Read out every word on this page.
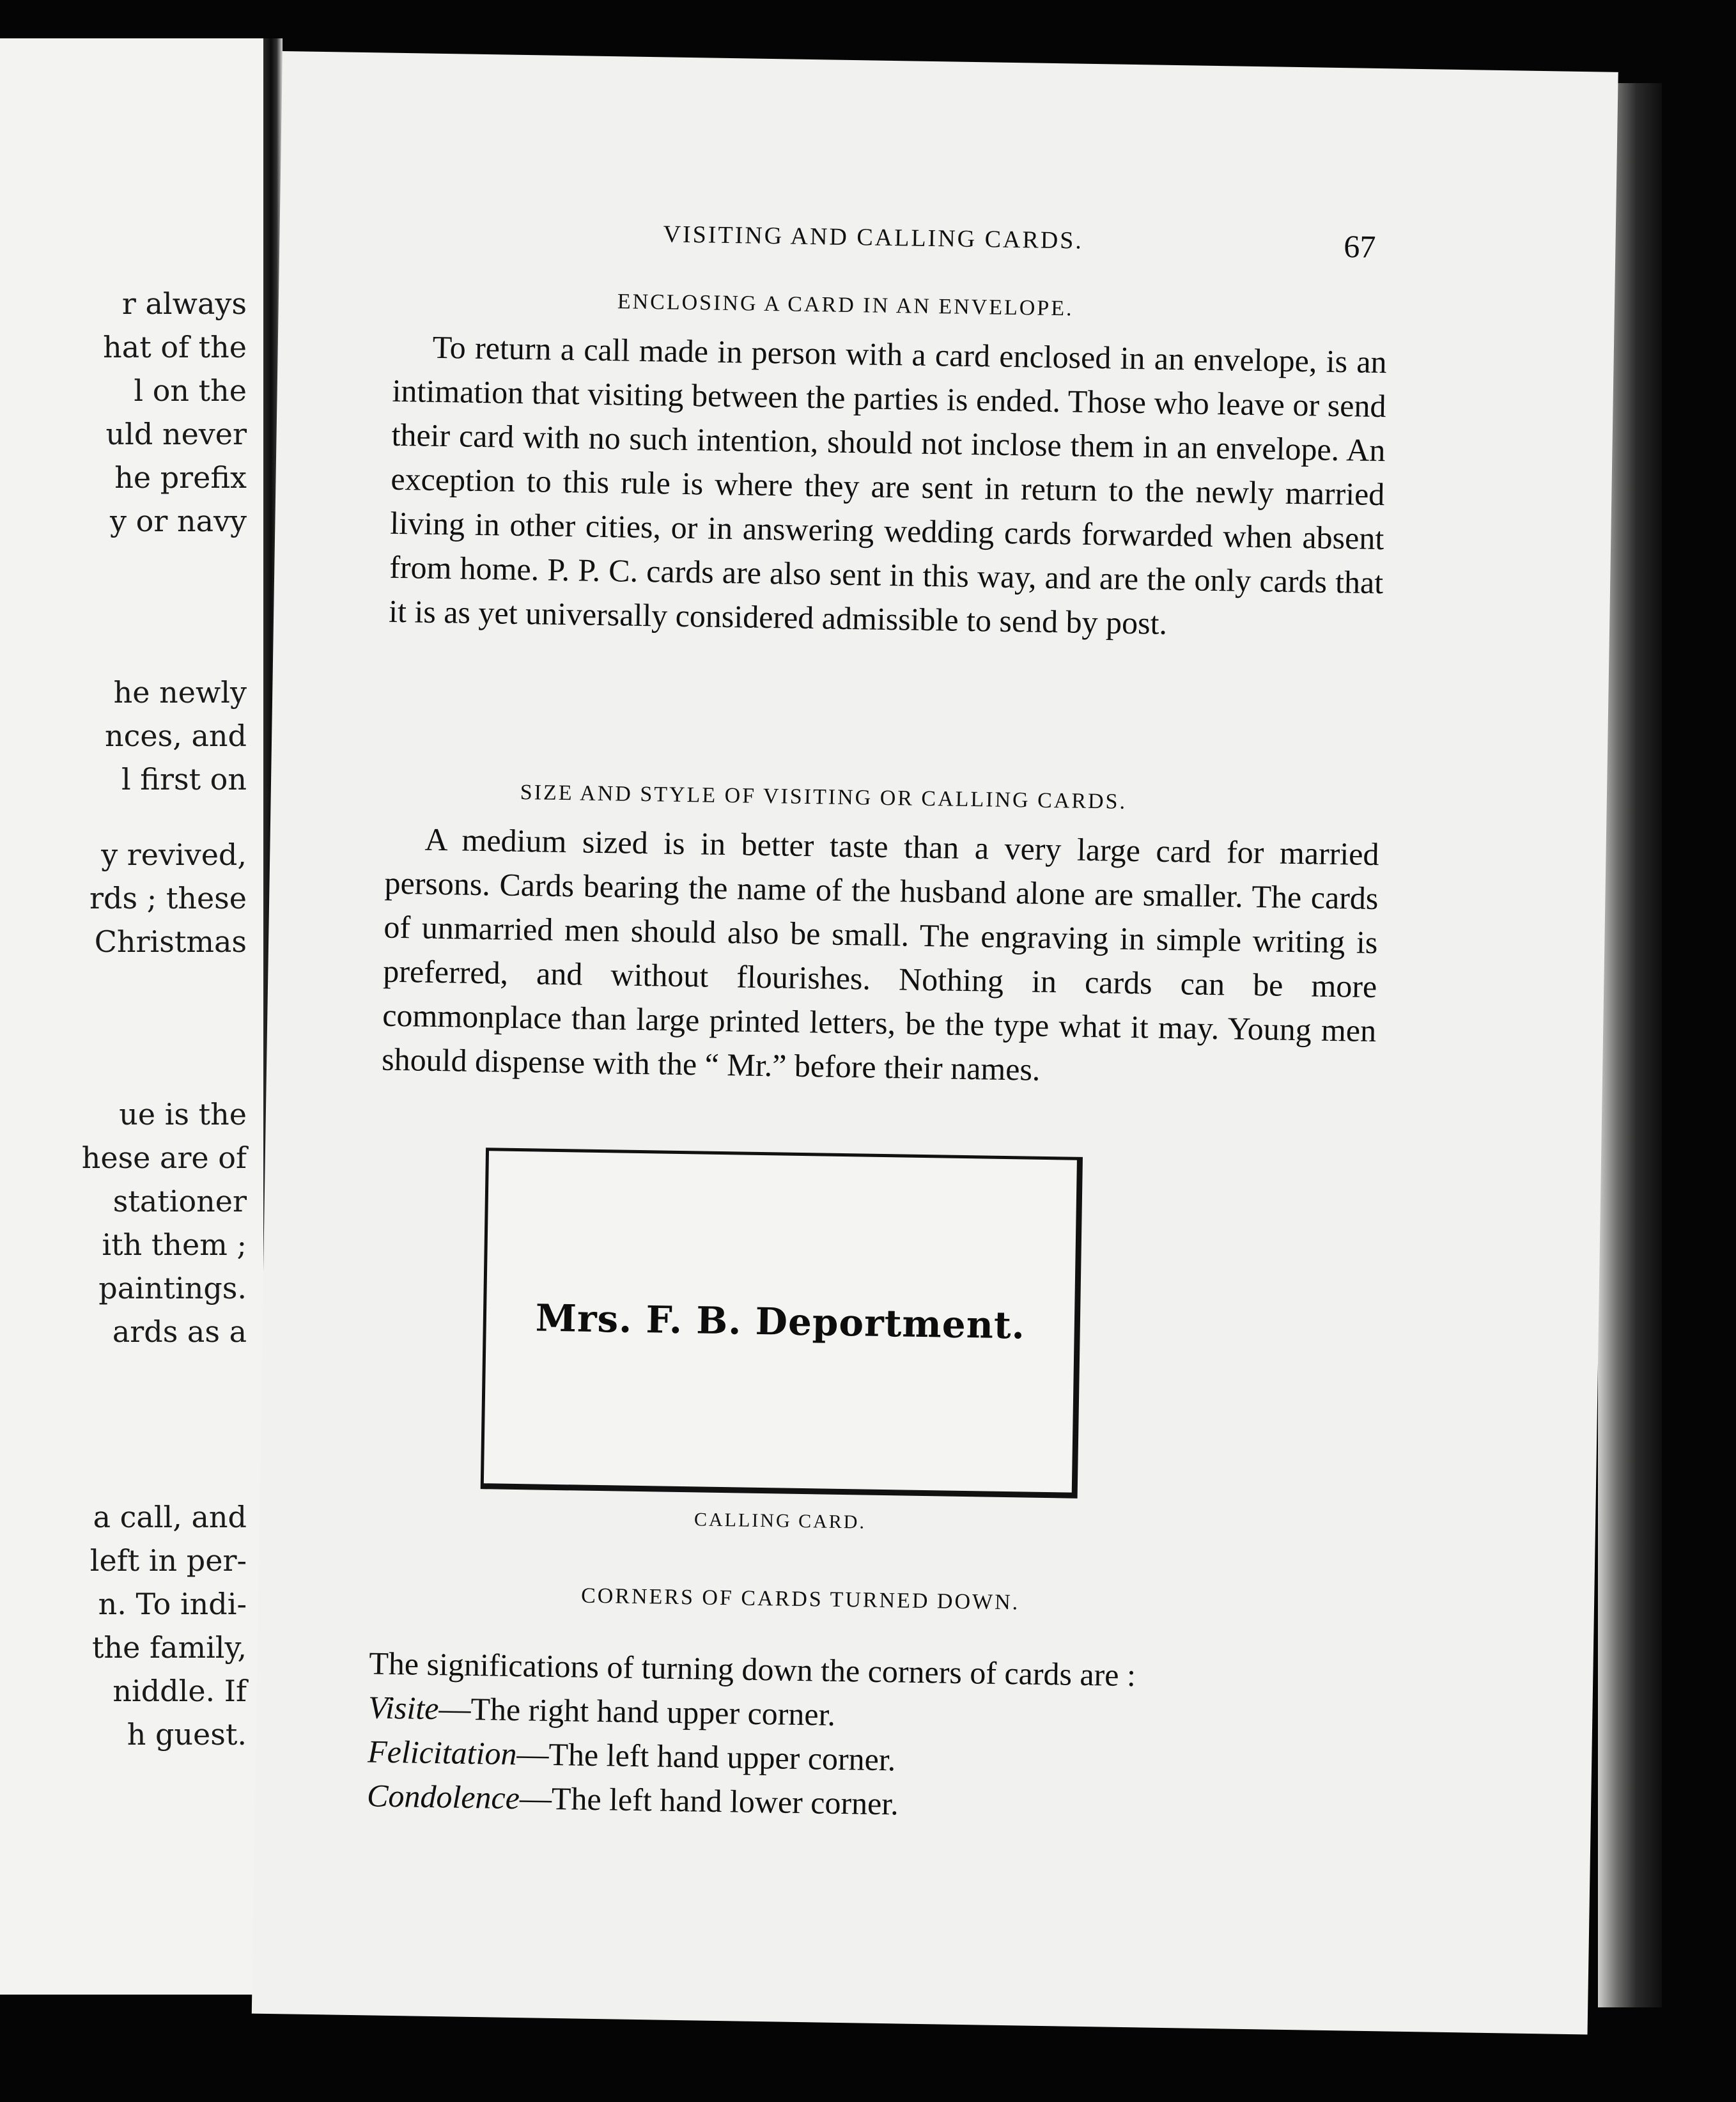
r always
hat of the
l on the
uld never
he prefix
y or navy
he newly
nces, and
l first on
y revived,
rds ; these
Christmas
ue is the
hese are of
stationer
ith them ;
paintings.
ards as a
a call, and
left in per-
n. To indi-
the family,
niddle. If
h guest.
VISITING AND CALLING CARDS.	67
ENCLOSING A CARD IN AN ENVELOPE.

To return a call made in person with a card enclosed in an envelope, is an intimation that visiting between the parties is ended. Those who leave or send their card with no such intention, should not inclose them in an envelope. An exception to this rule is where they are sent in return to the newly married living in other cities, or in answering wedding cards forwarded when absent from home. P. P. C. cards are also sent in this way, and are the only cards that it is as yet universally considered admissible to send by post.

SIZE AND STYLE OF VISITING OR CALLING CARDS.

A medium sized is in better taste than a very large card for married persons. Cards bearing the name of the husband alone are smaller. The cards of unmarried men should also be small. The engraving in simple writing is preferred, and without flourishes. Nothing in cards can be more commonplace than large printed letters, be the type what it may. Young men should dispense with the “ Mr.” before their names.

Mrs. F. B. Deportment.
CALLING CARD.
CORNERS OF CARDS TURNED DOWN.
The significations of turning down the corners of cards are :
Visite—The right hand upper corner.
Felicitation—The left hand upper corner.
Condolence—The left hand lower corner.
